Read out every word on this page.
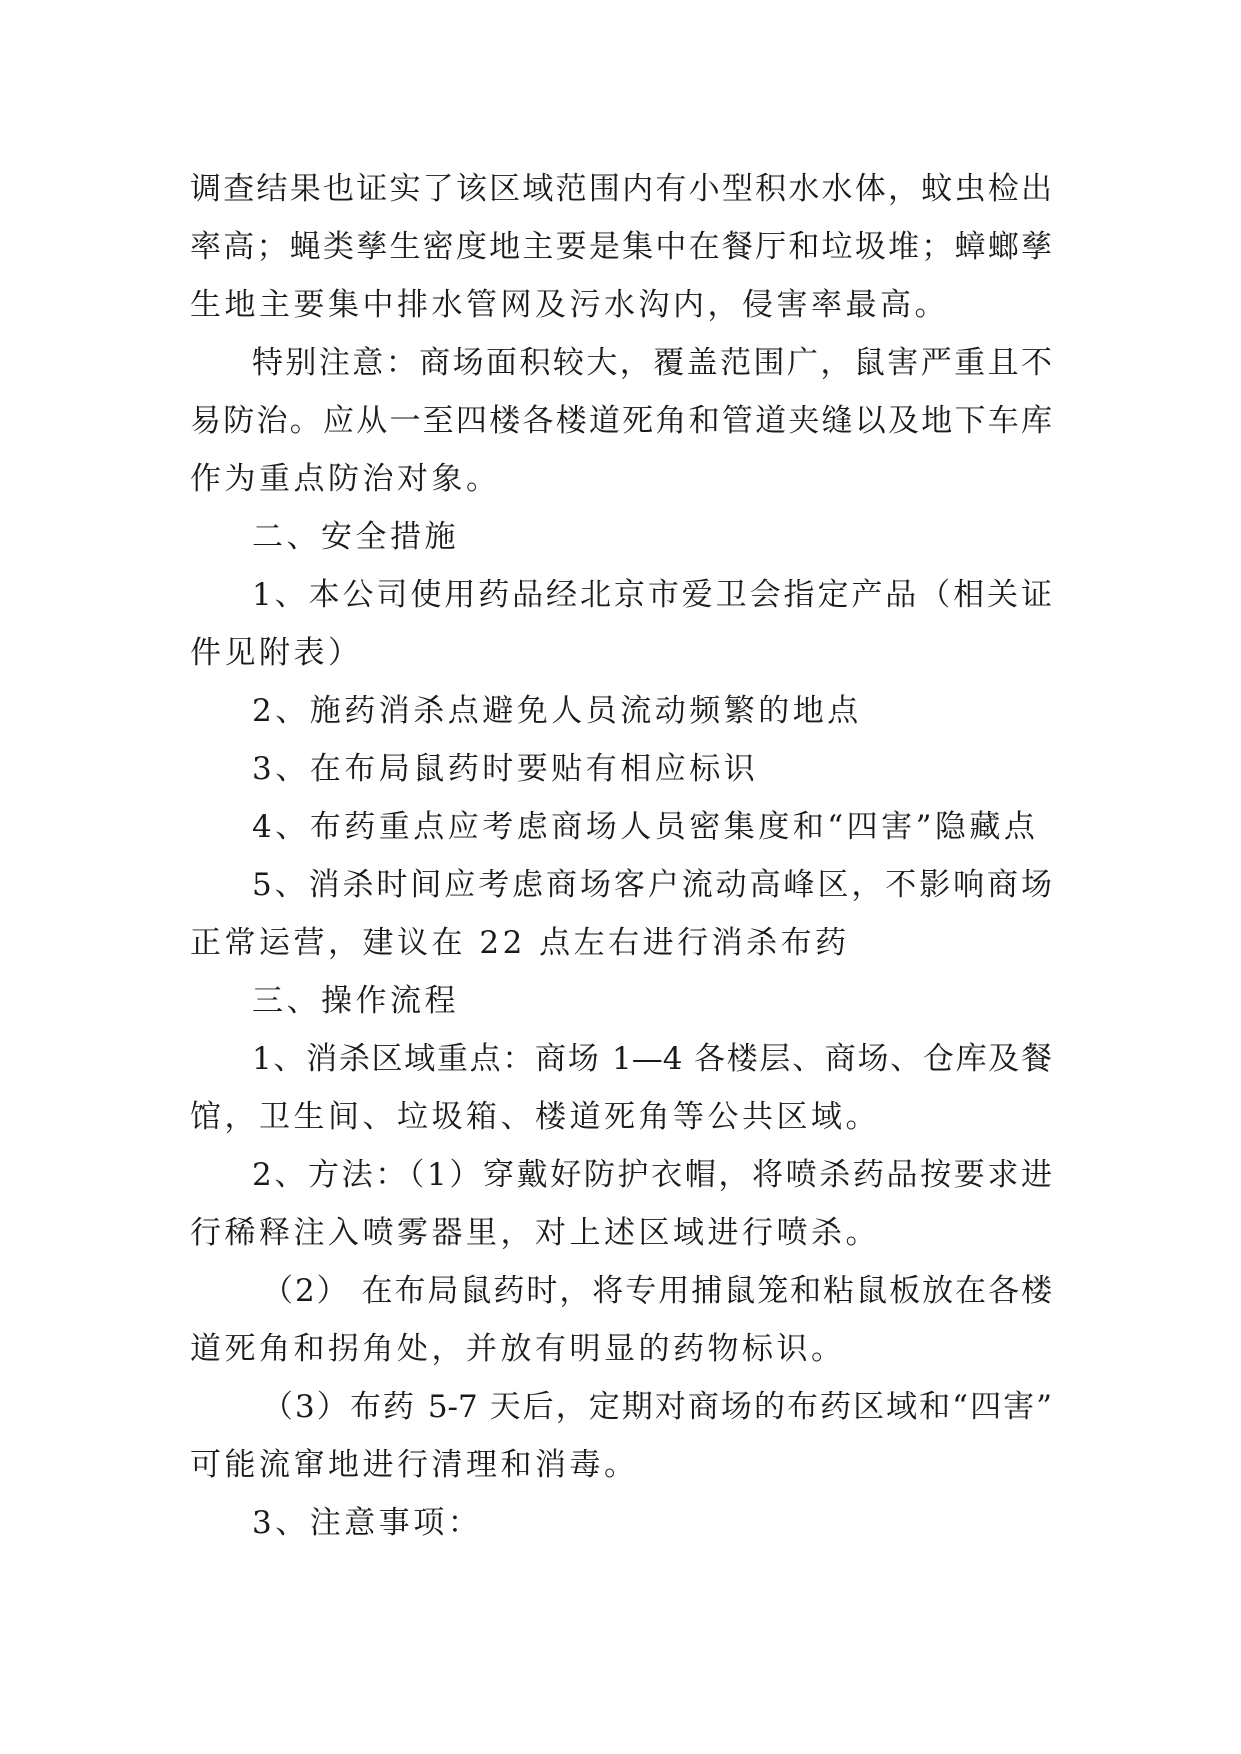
调查结果也证实了该区域范围内有小型积水水体，蚊虫检出
率高；蝇类孳生密度地主要是集中在餐厅和垃圾堆；蟑螂孳
生地主要集中排水管网及污水沟内，侵害率最高。
特别注意：商场面积较大，覆盖范围广，鼠害严重且不
易防治。应从一至四楼各楼道死角和管道夹缝以及地下车库
作为重点防治对象。
二、安全措施
1、本公司使用药品经北京市爱卫会指定产品（相关证
件见附表）
2、施药消杀点避免人员流动频繁的地点
3、在布局鼠药时要贴有相应标识
4、布药重点应考虑商场人员密集度和“四害”隐藏点
5、消杀时间应考虑商场客户流动高峰区，不影响商场
正常运营，建议在 22 点左右进行消杀布药
三、操作流程
1、消杀区域重点：商场 1—4 各楼层、商场、仓库及餐
馆，卫生间、垃圾箱、楼道死角等公共区域。
2、方法：（1）穿戴好防护衣帽，将喷杀药品按要求进
行稀释注入喷雾器里，对上述区域进行喷杀。
（2） 在布局鼠药时，将专用捕鼠笼和粘鼠板放在各楼
道死角和拐角处，并放有明显的药物标识。
（3）布药 5-7 天后，定期对商场的布药区域和“四害”
可能流窜地进行清理和消毒。
3、注意事项：
